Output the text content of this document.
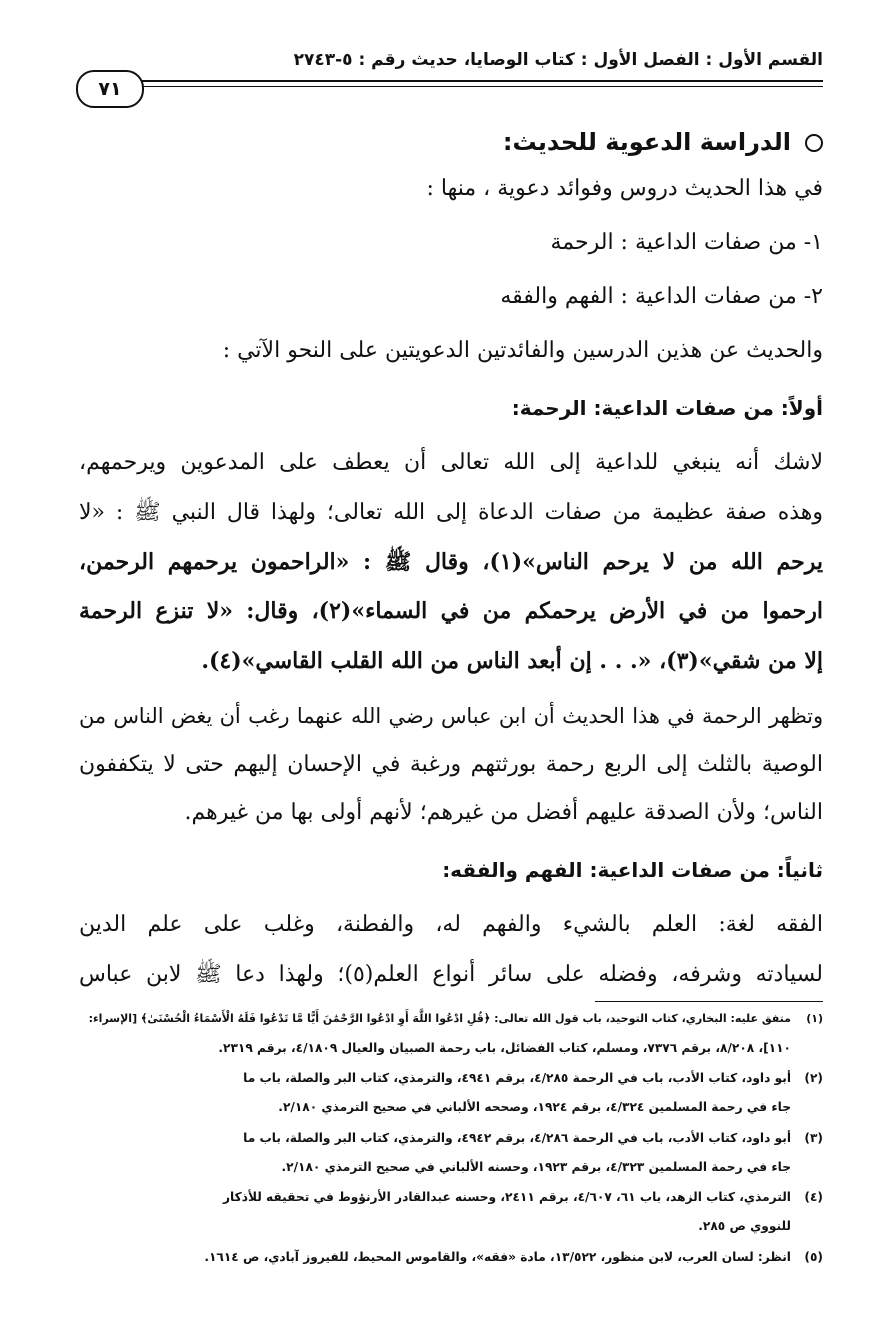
القسم الأول : الفصل الأول : كتاب الوصايا، حديث رقم : ٥-٢٧٤٣
٧١
الدراسة الدعوية للحديث:
في هذا الحديث دروس وفوائد دعوية ، منها :
١- من صفات الداعية : الرحمة
٢- من صفات الداعية : الفهم والفقه
والحديث عن هذين الدرسين والفائدتين الدعويتين على النحو الآتي :
أولاً: من صفات الداعية: الرحمة:
لاشك أنه ينبغي للداعية إلى الله تعالى أن يعطف على المدعوين ويرحمهم،
وهذه صفة عظيمة من صفات الدعاة إلى الله تعالى؛ ولهذا قال النبي ﷺ : «لا
يرحم الله من لا يرحم الناس»(١)، وقال ﷺ : «الراحمون يرحمهم الرحمن،
ارحموا من في الأرض يرحمكم من في السماء»(٢)، وقال: «لا تنزع الرحمة
إلا من شقي»(٣)، «. . . إن أبعد الناس من الله القلب القاسي»(٤).
وتظهر الرحمة في هذا الحديث أن ابن عباس رضي الله عنهما رغب أن يغض الناس من
الوصية بالثلث إلى الربع رحمة بورثتهم ورغبة في الإحسان إليهم حتى لا يتكففون
الناس؛ ولأن الصدقة عليهم أفضل من غيرهم؛ لأنهم أولى بها من غيرهم.
ثانياً: من صفات الداعية: الفهم والفقه:
الفقه لغة: العلم بالشيء والفهم له، والفطنة، وغلب على علم الدين
لسيادته وشرفه، وفضله على سائر أنواع العلم(٥)؛ ولهذا دعا ﷺ لابن عباس
(١)متفق عليه: البخاري، كتاب التوحيد، باب قول الله تعالى: ﴿قُلِ ادْعُوا اللَّهَ أَوِ ادْعُوا الرَّحْمَٰنَ أَيًّا مَّا تَدْعُوا فَلَهُ الْأَسْمَاءُ الْحُسْنَىٰ﴾ [الإسراء:
١١٠]، ٨/٢٠٨، برقم ٧٣٧٦، ومسلم، كتاب الفضائل، باب رحمة الصبيان والعيال ٤/١٨٠٩، برقم ٢٣١٩.
(٢)أبو داود، كتاب الأدب، باب في الرحمة ٤/٢٨٥، برقم ٤٩٤١، والترمذي، كتاب البر والصلة، باب ما
جاء في رحمة المسلمين ٤/٣٢٤، برقم ١٩٢٤، وصححه الألباني في صحيح الترمذي ٢/١٨٠.
(٣)أبو داود، كتاب الأدب، باب في الرحمة ٤/٢٨٦، برقم ٤٩٤٢، والترمذي، كتاب البر والصلة، باب ما
جاء في رحمة المسلمين ٤/٣٢٣، برقم ١٩٢٣، وحسنه الألباني في صحيح الترمذي ٢/١٨٠.
(٤)الترمذي، كتاب الزهد، باب ٦١، ٤/٦٠٧، برقم ٢٤١١، وحسنه عبدالقادر الأرنؤوط في تحقيقه للأذكار
للنووي ص ٢٨٥.
(٥)انظر: لسان العرب، لابن منظور، ١٣/٥٢٢، مادة «فقه»، والقاموس المحيط، للفيروز آبادي، ص ١٦١٤.
